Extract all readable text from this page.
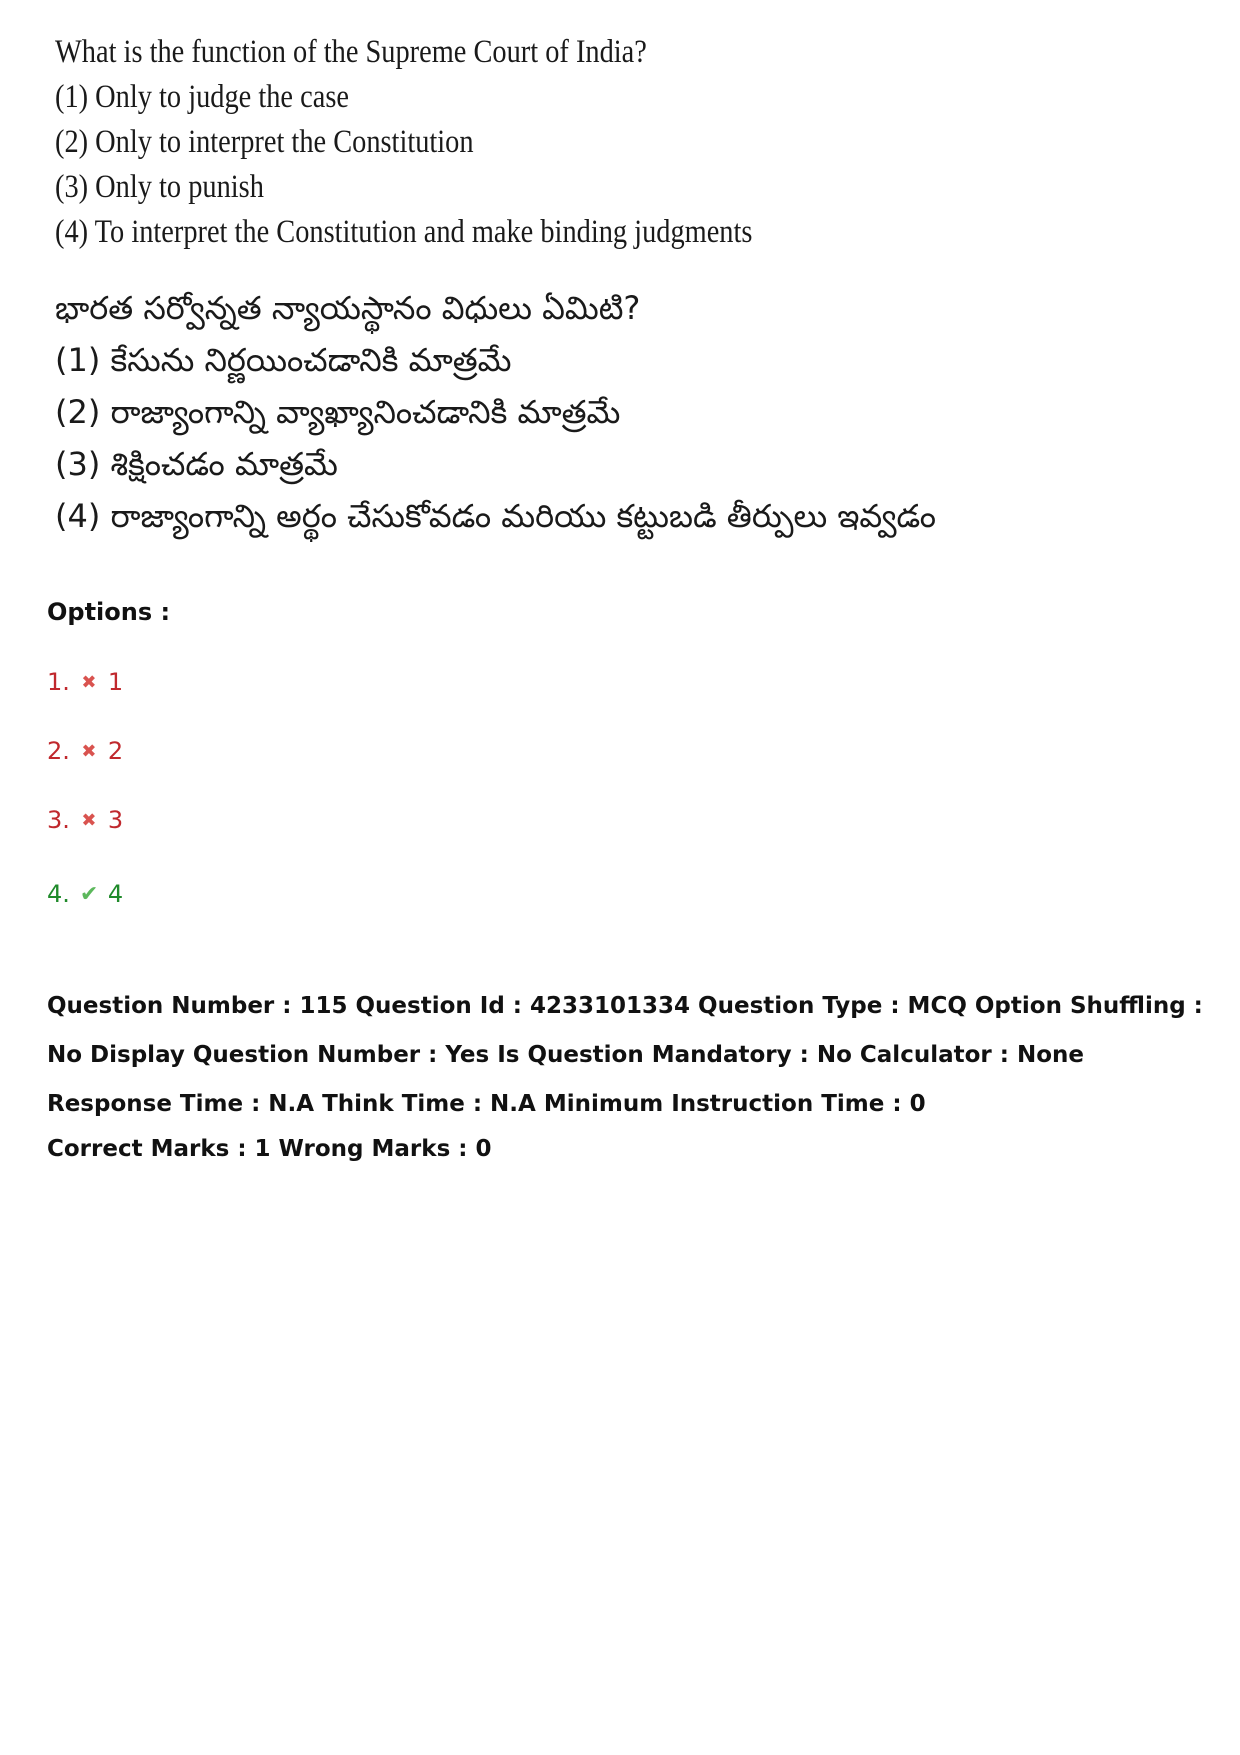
What is the function of the Supreme Court of India?
(1) Only to judge the case
(2) Only to interpret the Constitution
(3) Only to punish
(4) To interpret the Constitution and make binding judgments
భారత సర్వోన్నత న్యాయస్థానం విధులు ఏమిటి?
(1) కేసును నిర్ణయించడానికి మాత్రమే
(2) రాజ్యాంగాన్ని వ్యాఖ్యానించడానికి మాత్రమే
(3) శిక్షించడం మాత్రమే
(4) రాజ్యాంగాన్ని అర్థం చేసుకోవడం మరియు కట్టుబడి తీర్పులు ఇవ్వడం
Options :
1. ✖ 1
2. ✖ 2
3. ✖ 3
4. ✔ 4
Question Number : 115 Question Id : 4233101334 Question Type : MCQ Option Shuffling : No Display Question Number : Yes Is Question Mandatory : No Calculator : None Response Time : N.A Think Time : N.A Minimum Instruction Time : 0
Correct Marks : 1 Wrong Marks : 0
